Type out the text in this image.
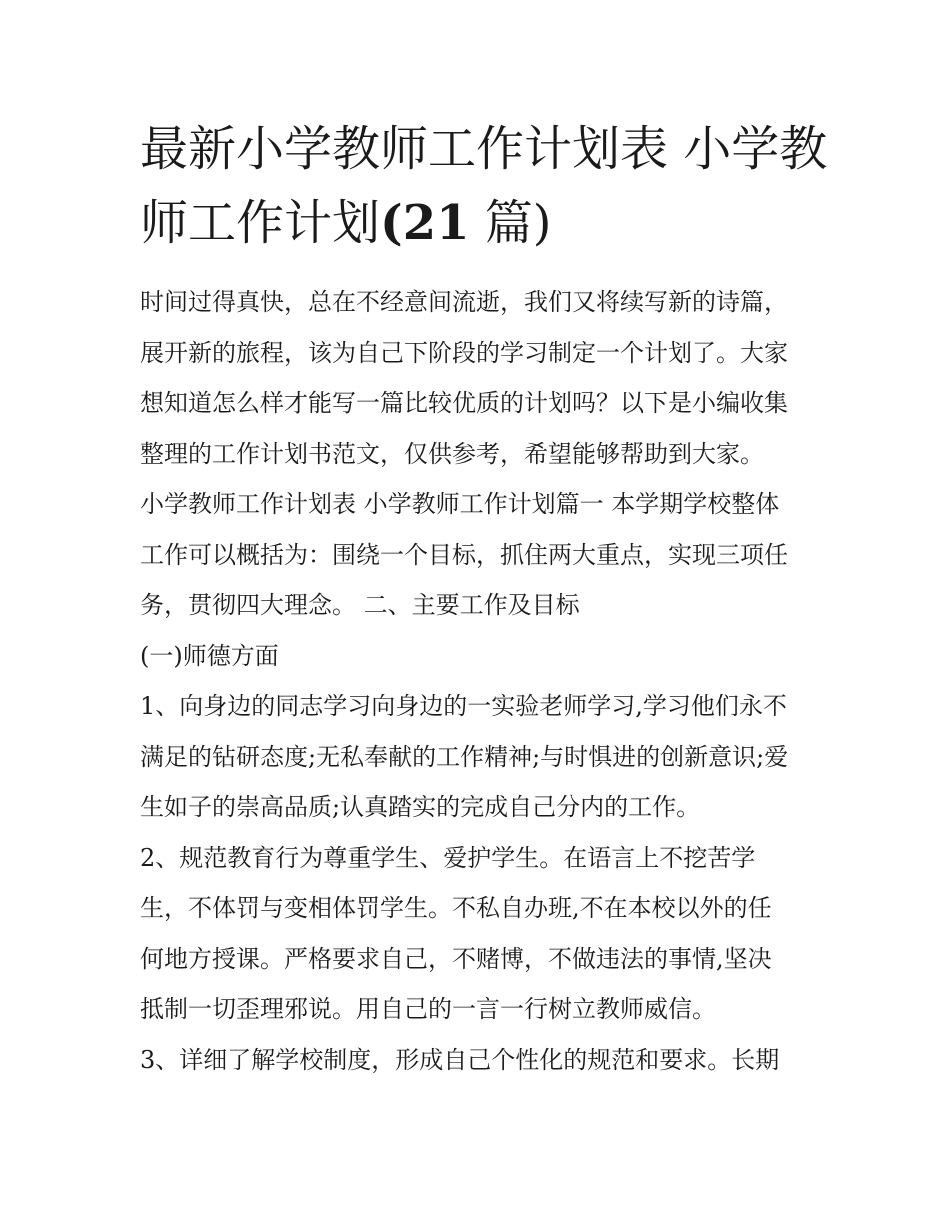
最新小学教师工作计划表 小学教师工作计划(21 篇)

时间过得真快，总在不经意间流逝，我们又将续写新的诗篇，

展开新的旅程，该为自己下阶段的学习制定一个计划了。大家

想知道怎么样才能写一篇比较优质的计划吗？以下是小编收集

整理的工作计划书范文，仅供参考，希望能够帮助到大家。

小学教师工作计划表 小学教师工作计划篇一 本学期学校整体

工作可以概括为：围绕一个目标，抓住两大重点，实现三项任

务，贯彻四大理念。 二、主要工作及目标

(一)师德方面

1、向身边的同志学习向身边的一实验老师学习,学习他们永不

满足的钻研态度;无私奉献的工作精神;与时惧进的创新意识;爱

生如子的崇高品质;认真踏实的完成自己分内的工作。

2、规范教育行为尊重学生、爱护学生。在语言上不挖苦学

生，不体罚与变相体罚学生。不私自办班,不在本校以外的任

何地方授课。严格要求自己，不赌博，不做违法的事情,坚决

抵制一切歪理邪说。用自己的一言一行树立教师威信。

3、详细了解学校制度，形成自己个性化的规范和要求。长期
